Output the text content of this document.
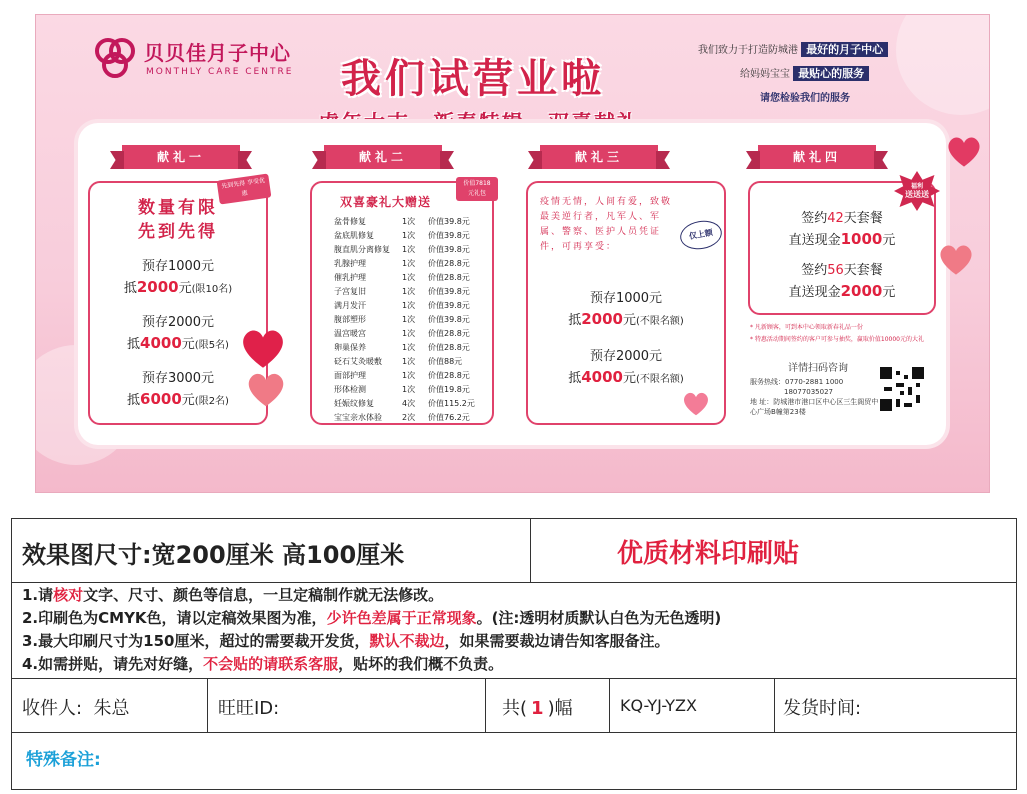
贝贝佳月子中心
MONTHLY CARE CENTRE 我们试营业啦
我们致力于打造防城港 最好的月子中心
给妈妈宝宝 最贴心的服务
请您检验我们的服务
献礼一	献礼二	献礼三	献礼四
数量有限
先到先得
先到先得 享受优惠
预存1000元
抵2000元(限10名)
预存2000元
抵4000元(限5名)
预存3000元
抵6000元(限2名)
双喜豪礼大赠送
价值7818
元礼包
盆骨修复	1次 价值39.8元
盆底肌修复	1次 价值39.8元
腹直肌分离修复 1次 价值39.8元
乳腺护理	1次 价值28.8元
催乳护理	1次 价值28.8元
子宫复旧	1次 价值39.8元
满月发汗	1次 价值39.8元
腹部塑形	1次 价值39.8元
温宫暖宫	1次 价值28.8元
卵巢保养	1次 价值28.8元
砭石艾灸暖敷	1次 价值88元
面部护理	1次 价值28.8元
形体检测	1次 价值19.8元
妊娠纹修复	4次 价值115.2元
宝宝亲水体验	2次 价值76.2元
疫情无情，人间有爱，致敬最美逆行者，凡军人、军属、警察、医护人员凭证件，可再享受：
仅上额
预存1000元
抵2000元(不限名额)
预存2000元
抵4000元(不限名额)
签约42天套餐
直送现金1000元
签约56天套餐
直送现金2000元
福利
送送送
* 凡新顾客，可到本中心领取新春礼品一份
* 特惠活动期间签约的客户可参与抽奖，赢取价值10000元的大礼
详情扫码咨询
服务热线：0770-2881 1000
18077035027
地 址：防城港市港口区中心区三生阁贸中心广场B幢第23楼
效果图尺寸:宽200厘米 高100厘米	优质材料印刷贴
1.请核对文字、尺寸、颜色等信息，一旦定稿制作就无法修改。
2.印刷色为CMYK色，请以定稿效果图为准，少许色差属于正常现象。(注:透明材质默认白色为无色透明)
3.最大印刷尺寸为150厘米，超过的需要裁开发货，默认不裁边，如果需要裁边请告知客服备注。
4.如需拼贴，请先对好缝，不会贴的请联系客服，贴坏的我们概不负责。
收件人: 朱总	旺旺ID:	共( 1 )幅	KQ-YJ-YZX	发货时间:
特殊备注:
